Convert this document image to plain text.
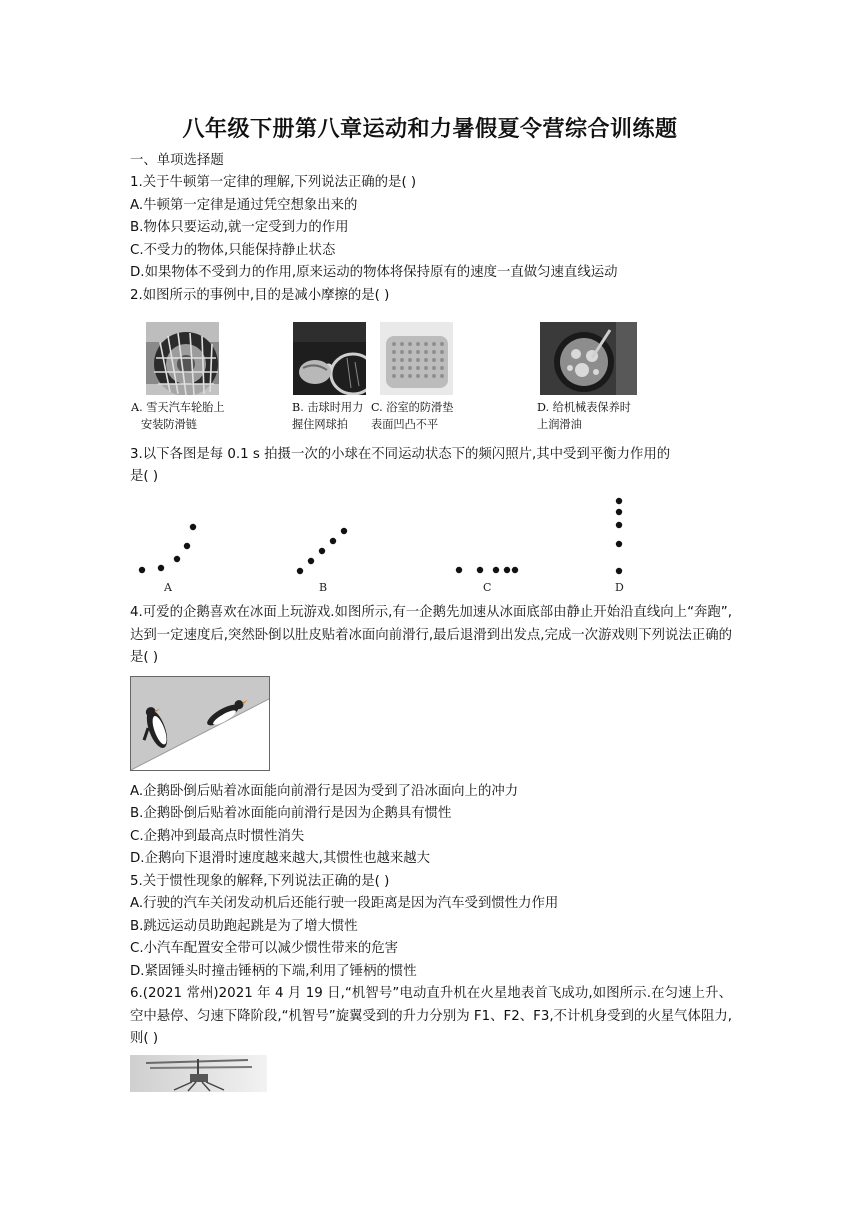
八年级下册第八章运动和力暑假夏令营综合训练题
一、单项选择题
1.关于牛顿第一定律的理解,下列说法正确的是( )
A.牛顿第一定律是通过凭空想象出来的
B.物体只要运动,就一定受到力的作用
C.不受力的物体,只能保持静止状态
D.如果物体不受到力的作用,原来运动的物体将保持原有的速度一直做匀速直线运动
2.如图所示的事例中,目的是减小摩擦的是( )
A. 雪天汽车轮胎上
安装防滑链
B. 击球时用力
握住网球拍
C. 浴室的防滑垫
表面凹凸不平
D. 给机械表保养时
上润滑油
3.以下各图是每 0.1 s 拍摄一次的小球在不同运动状态下的频闪照片,其中受到平衡力作用的
是( )
A	B	C	D
4.可爱的企鹅喜欢在冰面上玩游戏.如图所示,有一企鹅先加速从冰面底部由静止开始沿直线向上“奔跑”,达到一定速度后,突然卧倒以肚皮贴着冰面向前滑行,最后退滑到出发点,完成一次游戏则下列说法正确的是( )
A.企鹅卧倒后贴着冰面能向前滑行是因为受到了沿冰面向上的冲力
B.企鹅卧倒后贴着冰面能向前滑行是因为企鹅具有惯性
C.企鹅冲到最高点时惯性消失
D.企鹅向下退滑时速度越来越大,其惯性也越来越大
5.关于惯性现象的解释,下列说法正确的是( )
A.行驶的汽车关闭发动机后还能行驶一段距离是因为汽车受到惯性力作用
B.跳远运动员助跑起跳是为了增大惯性
C.小汽车配置安全带可以减少惯性带来的危害
D.紧固锤头时撞击锤柄的下端,利用了锤柄的惯性
6.(2021 常州)2021 年 4 月 19 日,“机智号”电动直升机在火星地表首飞成功,如图所示.在匀速上升、空中悬停、匀速下降阶段,“机智号”旋翼受到的升力分别为 F1、F2、F3,不计机身受到的火星气体阻力,则( )
